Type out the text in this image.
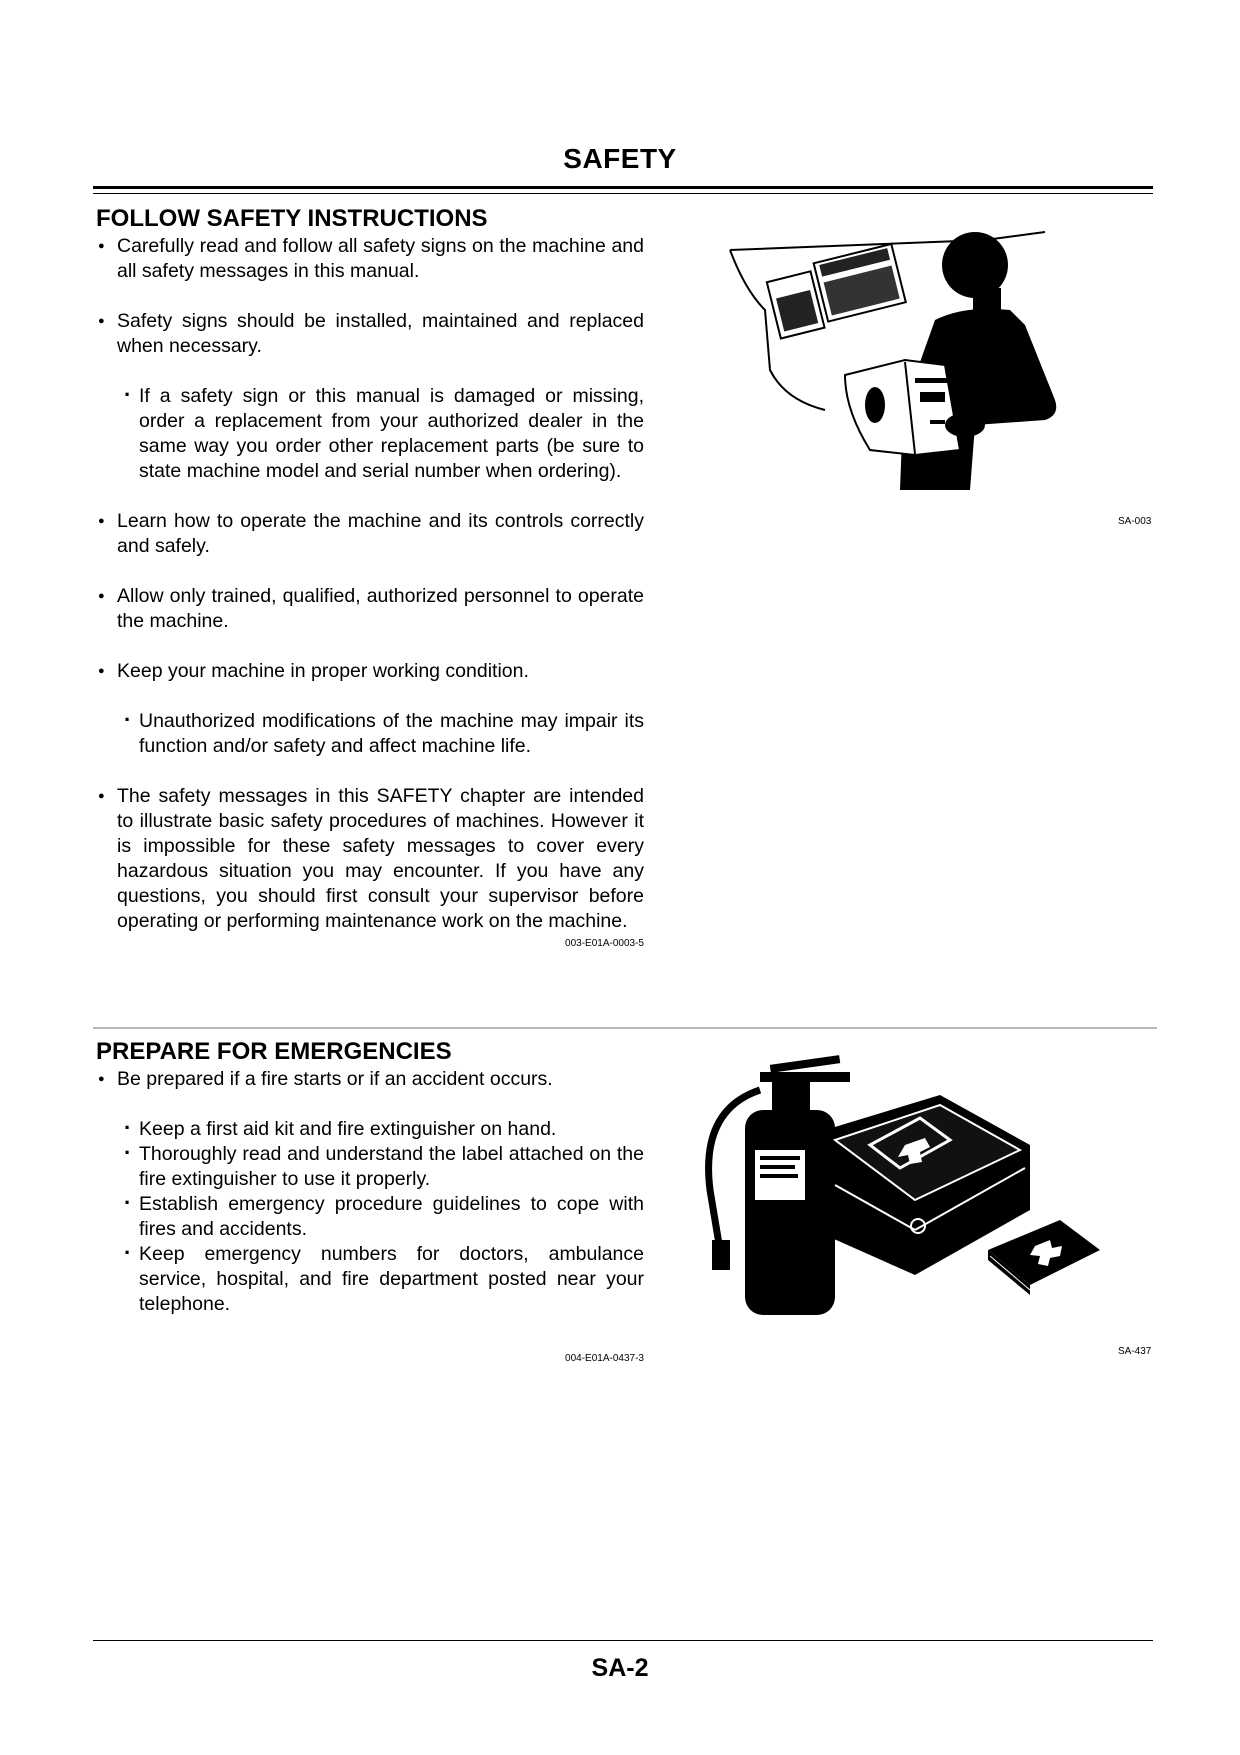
SAFETY
FOLLOW SAFETY INSTRUCTIONS

● Carefully read and follow all safety signs on the machine and all safety messages in this manual.

● Safety signs should be installed, maintained and replaced when necessary.

· If a safety sign or this manual is damaged or missing, order a replacement from your authorized dealer in the same way you order other replacement parts (be sure to state machine model and serial number when ordering).

● Learn how to operate the machine and its controls correctly and safely.

● Allow only trained, qualified, authorized personnel to operate the machine.

● Keep your machine in proper working condition.

· Unauthorized modifications of the machine may impair its function and/or safety and affect machine life.

● The safety messages in this SAFETY chapter are intended to illustrate basic safety procedures of machines. However it is impossible for these safety messages to cover every hazardous situation you may encounter. If you have any questions, you should first consult your supervisor before operating or performing maintenance work on the machine.

003-E01A-0003-5
SA-003
PREPARE FOR EMERGENCIES

● Be prepared if a fire starts or if an accident occurs.

· Keep a first aid kit and fire extinguisher on hand.

· Thoroughly read and understand the label attached on the fire extinguisher to use it properly.

· Establish emergency procedure guidelines to cope with fires and accidents.

· Keep emergency numbers for doctors, ambulance service, hospital, and fire department posted near your telephone.

004-E01A-0437-3
SA-437
SA-2
